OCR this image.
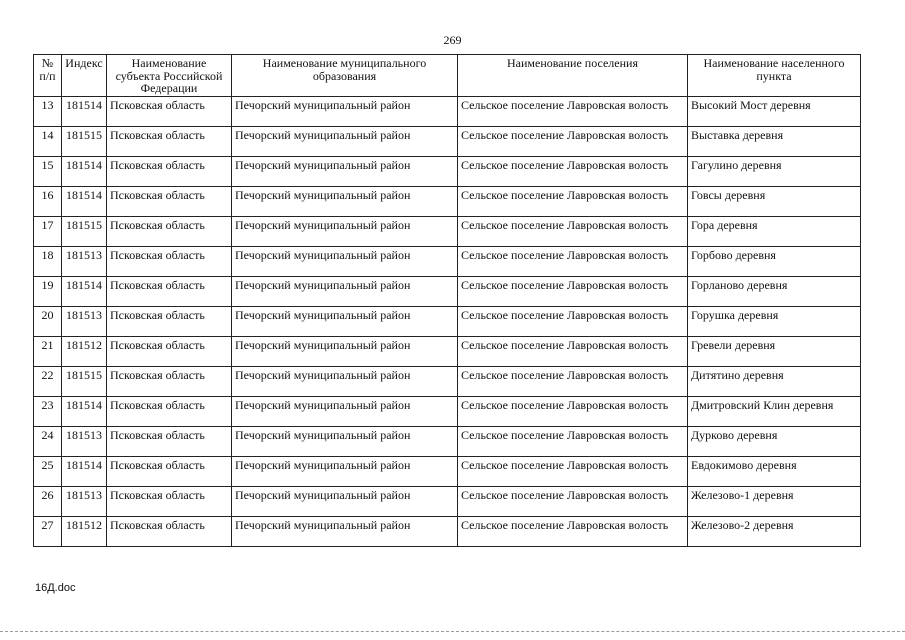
269
№ п/п	Индекс	Наименование субъекта Российской Федерации	Наименование муниципального образования	Наименование поселения	Наименование населенного пункта
13	181514	Псковская область	Печорский муниципальный район	Сельское поселение Лавровская волость	Высокий Мост деревня
14	181515	Псковская область	Печорский муниципальный район	Сельское поселение Лавровская волость	Выставка деревня
15	181514	Псковская область	Печорский муниципальный район	Сельское поселение Лавровская волость	Гагулино деревня
16	181514	Псковская область	Печорский муниципальный район	Сельское поселение Лавровская волость	Говсы деревня
17	181515	Псковская область	Печорский муниципальный район	Сельское поселение Лавровская волость	Гора деревня
18	181513	Псковская область	Печорский муниципальный район	Сельское поселение Лавровская волость	Горбово деревня
19	181514	Псковская область	Печорский муниципальный район	Сельское поселение Лавровская волость	Горланово деревня
20	181513	Псковская область	Печорский муниципальный район	Сельское поселение Лавровская волость	Горушка деревня
21	181512	Псковская область	Печорский муниципальный район	Сельское поселение Лавровская волость	Гревели деревня
22	181515	Псковская область	Печорский муниципальный район	Сельское поселение Лавровская волость	Дитятино деревня
23	181514	Псковская область	Печорский муниципальный район	Сельское поселение Лавровская волость	Дмитровский Клин деревня
24	181513	Псковская область	Печорский муниципальный район	Сельское поселение Лавровская волость	Дурково деревня
25	181514	Псковская область	Печорский муниципальный район	Сельское поселение Лавровская волость	Евдокимово деревня
26	181513	Псковская область	Печорский муниципальный район	Сельское поселение Лавровская волость	Железово-1 деревня
27	181512	Псковская область	Печорский муниципальный район	Сельское поселение Лавровская волость	Железово-2 деревня
16Д.doc
